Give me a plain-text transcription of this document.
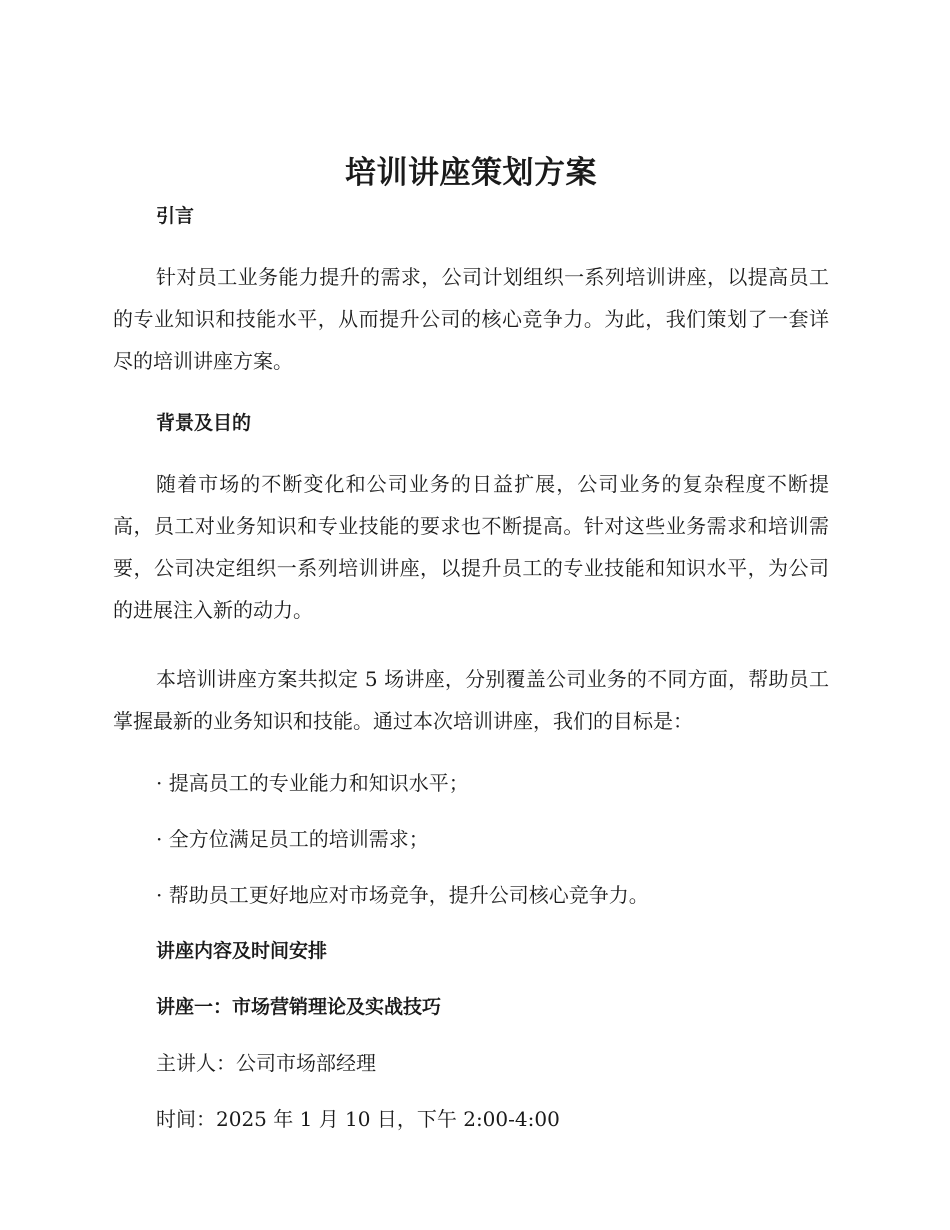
培训讲座策划方案

引言

针对员工业务能力提升的需求，公司计划组织一系列培训讲座，以提高员工的专业知识和技能水平，从而提升公司的核心竞争力。为此，我们策划了一套详尽的培训讲座方案。

背景及目的

随着市场的不断变化和公司业务的日益扩展，公司业务的复杂程度不断提高，员工对业务知识和专业技能的要求也不断提高。针对这些业务需求和培训需要，公司决定组织一系列培训讲座，以提升员工的专业技能和知识水平，为公司的进展注入新的动力。

本培训讲座方案共拟定 5 场讲座，分别覆盖公司业务的不同方面，帮助员工掌握最新的业务知识和技能。通过本次培训讲座，我们的目标是：

· 提高员工的专业能力和知识水平；

· 全方位满足员工的培训需求；

· 帮助员工更好地应对市场竞争，提升公司核心竞争力。

讲座内容及时间安排

讲座一：市场营销理论及实战技巧

主讲人：公司市场部经理

时间：2025 年 1 月 10 日，下午 2:00-4:00
